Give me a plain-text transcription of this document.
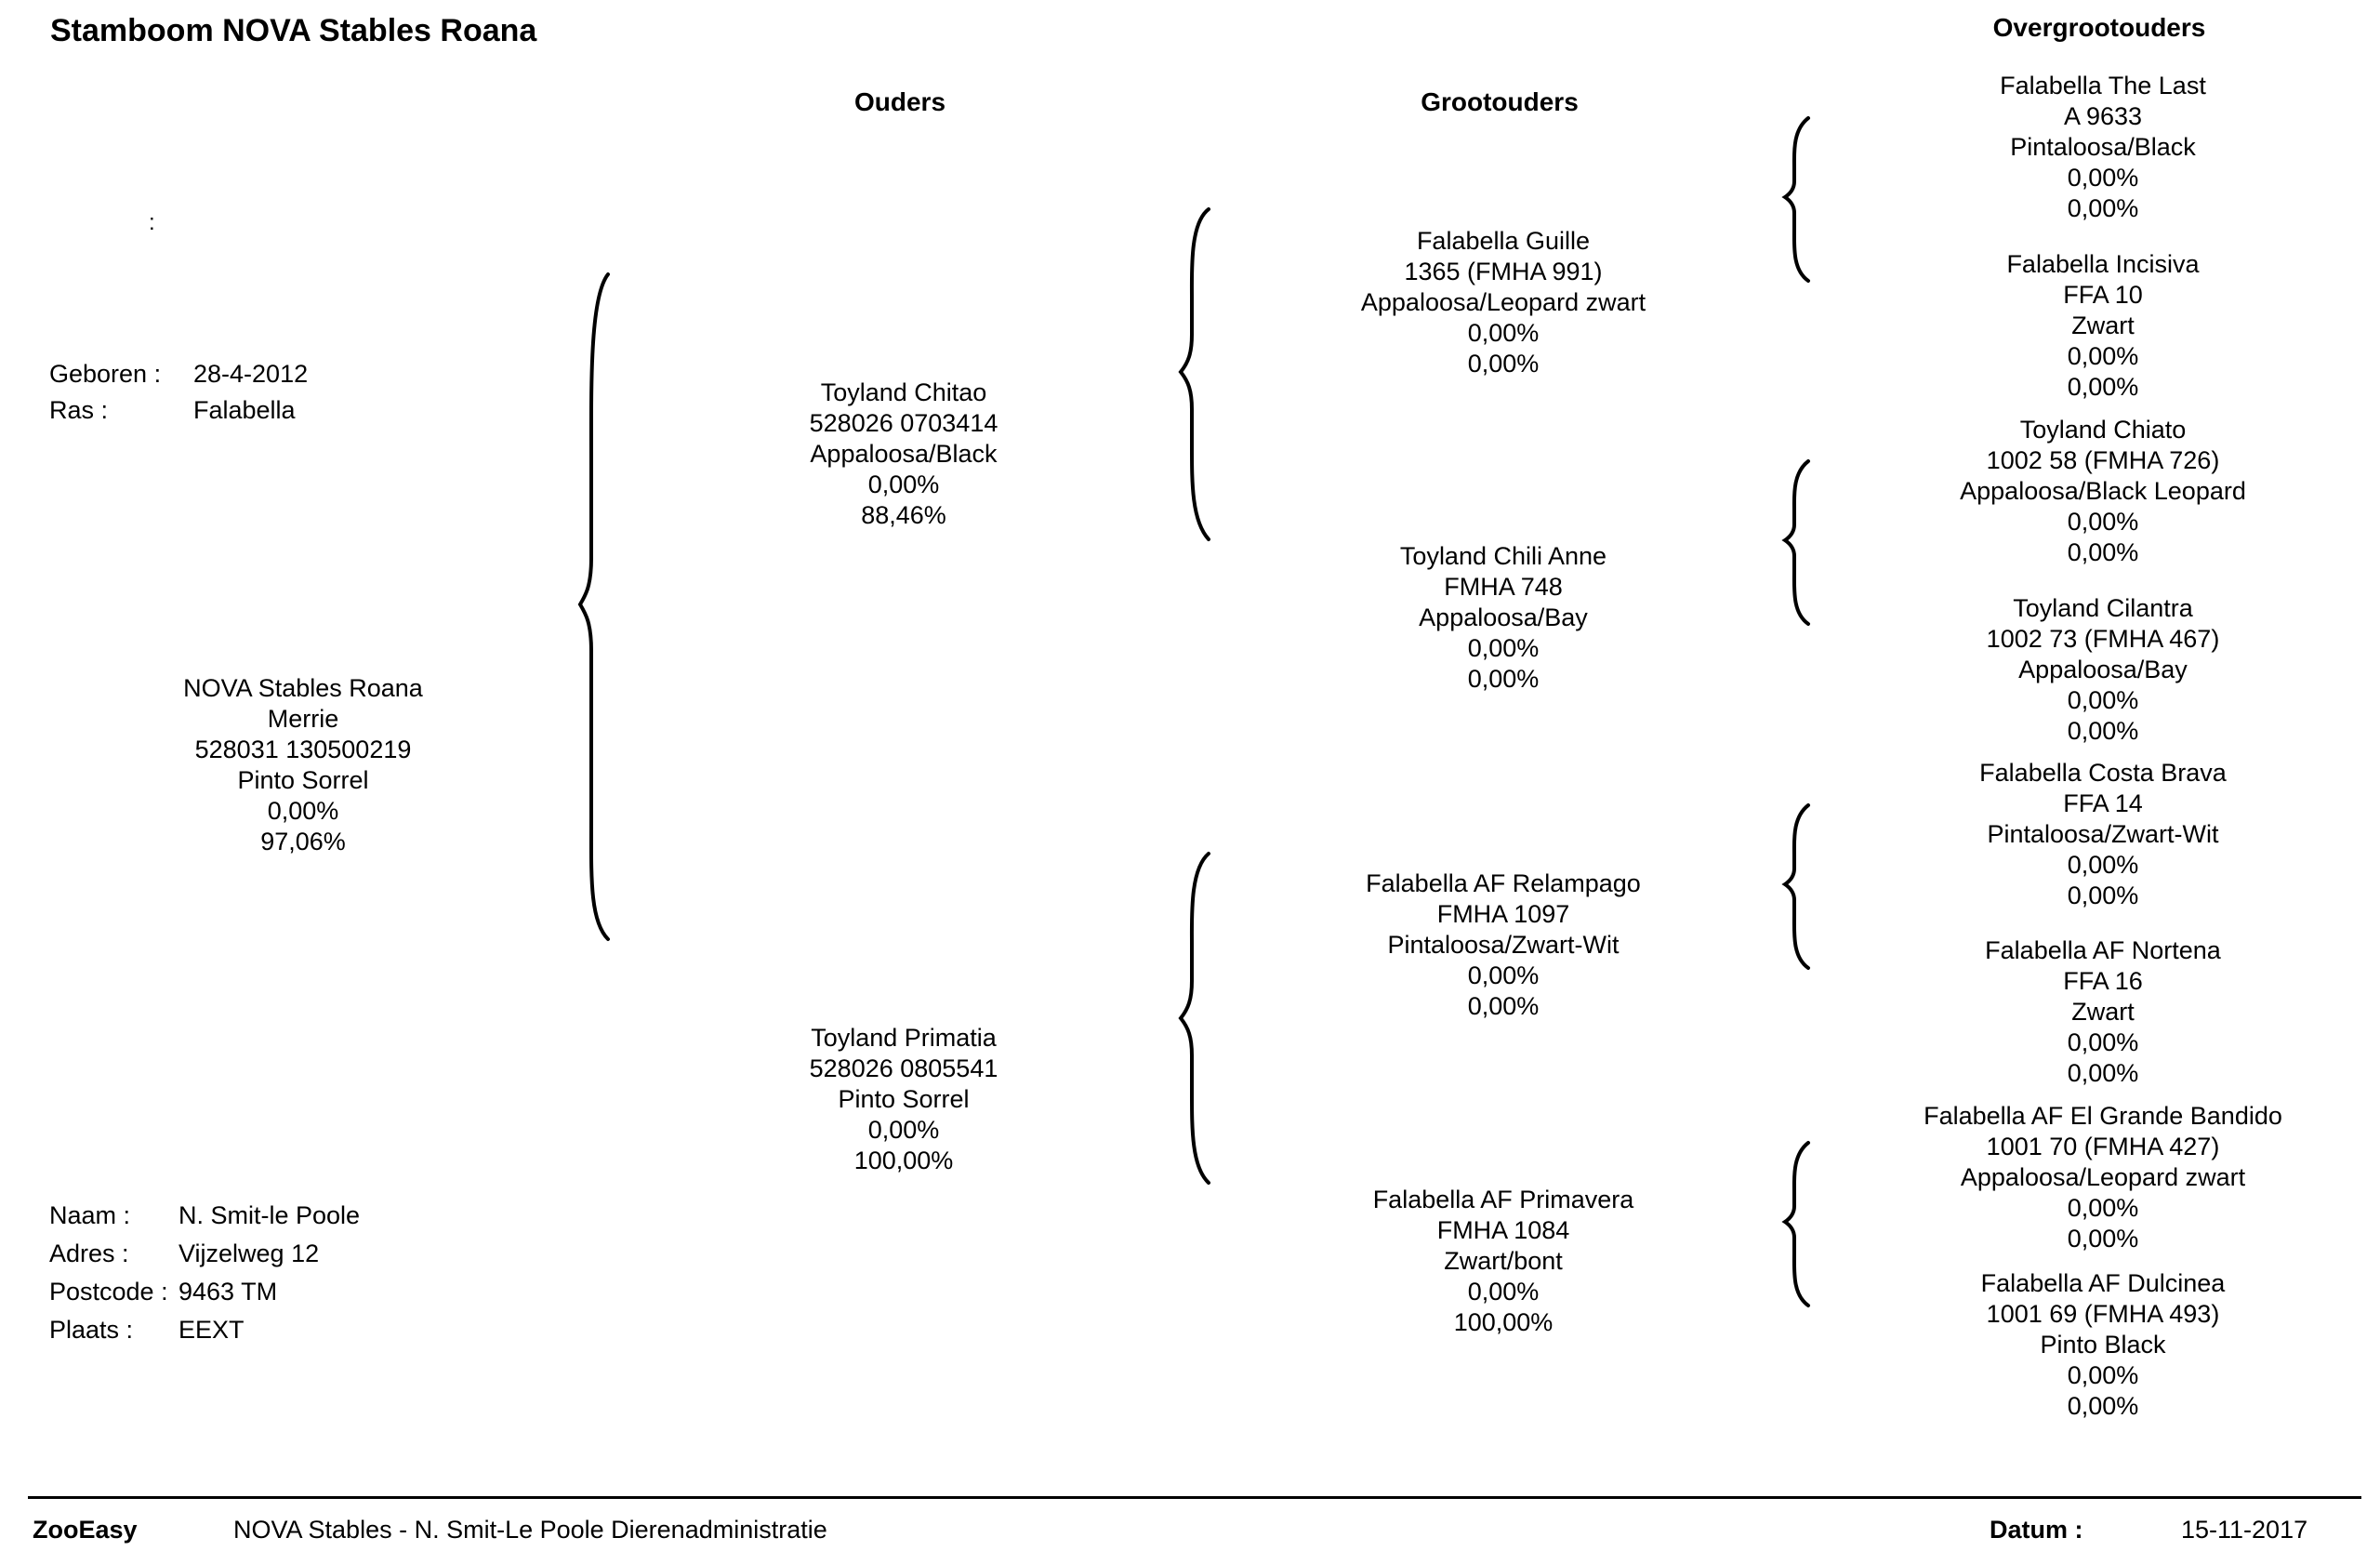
Stamboom NOVA Stables Roana
Ouders	Grootouders
Overgrootouders
:
Geboren :	28-4-2012
Ras :	Falabella
NOVA Stables Roana
Merrie
528031 130500219
Pinto Sorrel
0,00%
97,06%
Naam :	N. Smit-le Poole
Adres :	Vijzelweg 12
Postcode : 9463 TM
Plaats :	EEXT
Toyland Chitao
528026 0703414
Appaloosa/Black
0,00%
88,46%
Toyland Primatia
528026 0805541
Pinto Sorrel
0,00%
100,00%
Falabella Guille
1365 (FMHA 991)
Appaloosa/Leopard zwart
0,00%
0,00%
Toyland Chili Anne
FMHA 748
Appaloosa/Bay
0,00%
0,00%
Falabella AF Relampago
FMHA 1097
Pintaloosa/Zwart-Wit
0,00%
0,00%
Falabella AF Primavera
FMHA 1084
Zwart/bont
0,00%
100,00%
Falabella The Last
A 9633
Pintaloosa/Black
0,00%
0,00%
Falabella Incisiva
FFA 10
Zwart
0,00%
0,00%
Toyland Chiato
1002 58 (FMHA 726)
Appaloosa/Black Leopard
0,00%
0,00%
Toyland Cilantra
1002 73 (FMHA 467)
Appaloosa/Bay
0,00%
0,00%
Falabella Costa Brava
FFA 14
Pintaloosa/Zwart-Wit
0,00%
0,00%
Falabella AF Nortena
FFA 16
Zwart
0,00%
0,00%
Falabella AF El Grande Bandido
1001 70 (FMHA 427)
Appaloosa/Leopard zwart
0,00%
0,00%
Falabella AF Dulcinea
1001 69 (FMHA 493)
Pinto Black
0,00%
0,00%
ZooEasy	NOVA Stables - N. Smit-Le Poole Dierenadministratie	Datum :	15-11-2017
